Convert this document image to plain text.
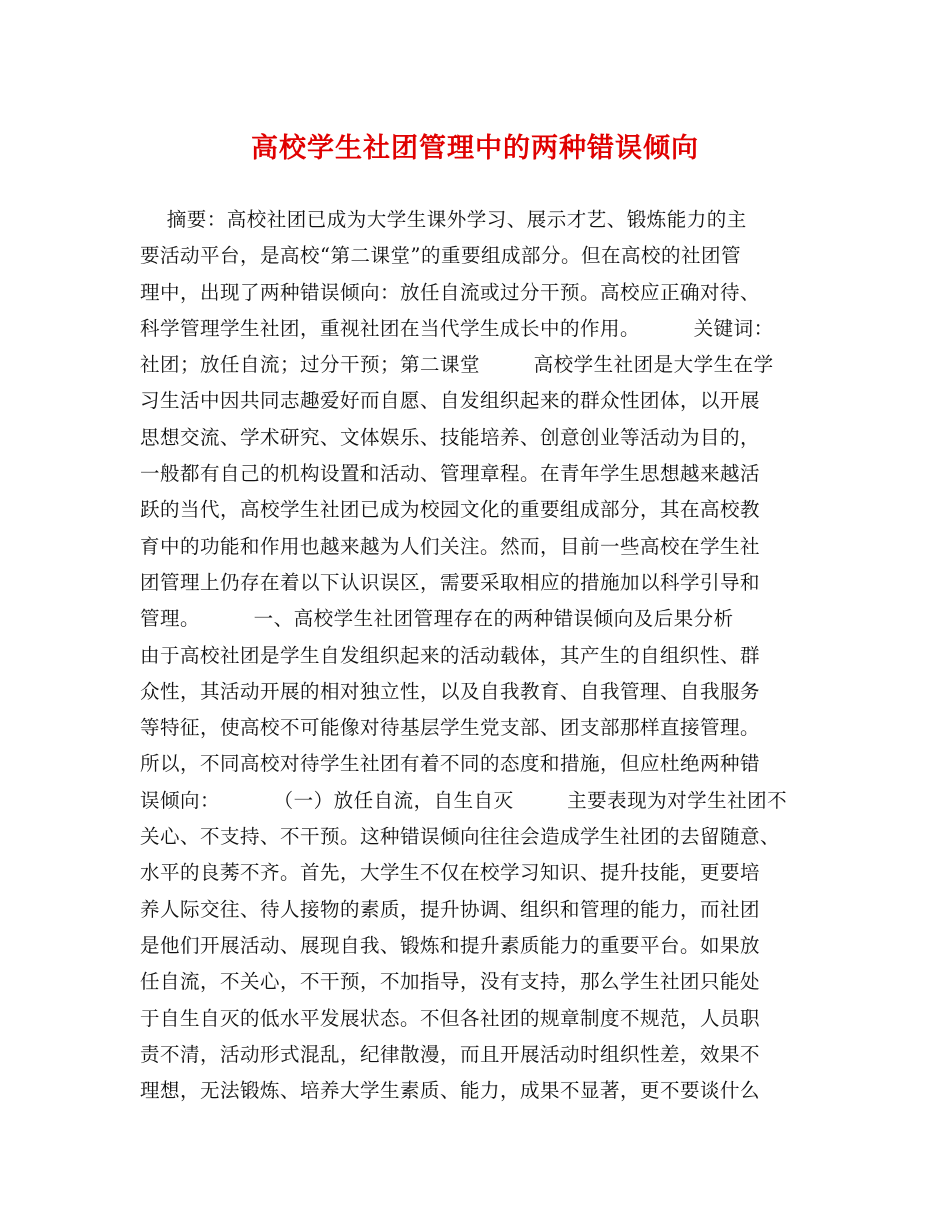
高校学生社团管理中的两种错误倾向
摘要：高校社团已成为大学生课外学习、展示才艺、锻炼能力的主
要活动平台，是高校“第二课堂”的重要组成部分。但在高校的社团管
理中，出现了两种错误倾向：放任自流或过分干预。高校应正确对待、
科学管理学生社团，重视社团在当代学生成长中的作用。        关键词：
社团；放任自流；过分干预；第二课堂        高校学生社团是大学生在学
习生活中因共同志趣爱好而自愿、自发组织起来的群众性团体，以开展
思想交流、学术研究、文体娱乐、技能培养、创意创业等活动为目的，
一般都有自己的机构设置和活动、管理章程。在青年学生思想越来越活
跃的当代，高校学生社团已成为校园文化的重要组成部分，其在高校教
育中的功能和作用也越来越为人们关注。然而，目前一些高校在学生社
团管理上仍存在着以下认识误区，需要采取相应的措施加以科学引导和
管理。        一、高校学生社团管理存在的两种错误倾向及后果分析
由于高校社团是学生自发组织起来的活动载体，其产生的自组织性、群
众性，其活动开展的相对独立性，以及自我教育、自我管理、自我服务
等特征，使高校不可能像对待基层学生党支部、团支部那样直接管理。
所以，不同高校对待学生社团有着不同的态度和措施，但应杜绝两种错
误倾向：        （一）放任自流，自生自灭        主要表现为对学生社团不
关心、不支持、不干预。这种错误倾向往往会造成学生社团的去留随意、
水平的良莠不齐。首先，大学生不仅在校学习知识、提升技能，更要培
养人际交往、待人接物的素质，提升协调、组织和管理的能力，而社团
是他们开展活动、展现自我、锻炼和提升素质能力的重要平台。如果放
任自流，不关心，不干预，不加指导，没有支持，那么学生社团只能处
于自生自灭的低水平发展状态。不但各社团的规章制度不规范，人员职
责不清，活动形式混乱，纪律散漫，而且开展活动时组织性差，效果不
理想，无法锻炼、培养大学生素质、能力，成果不显著，更不要谈什么
